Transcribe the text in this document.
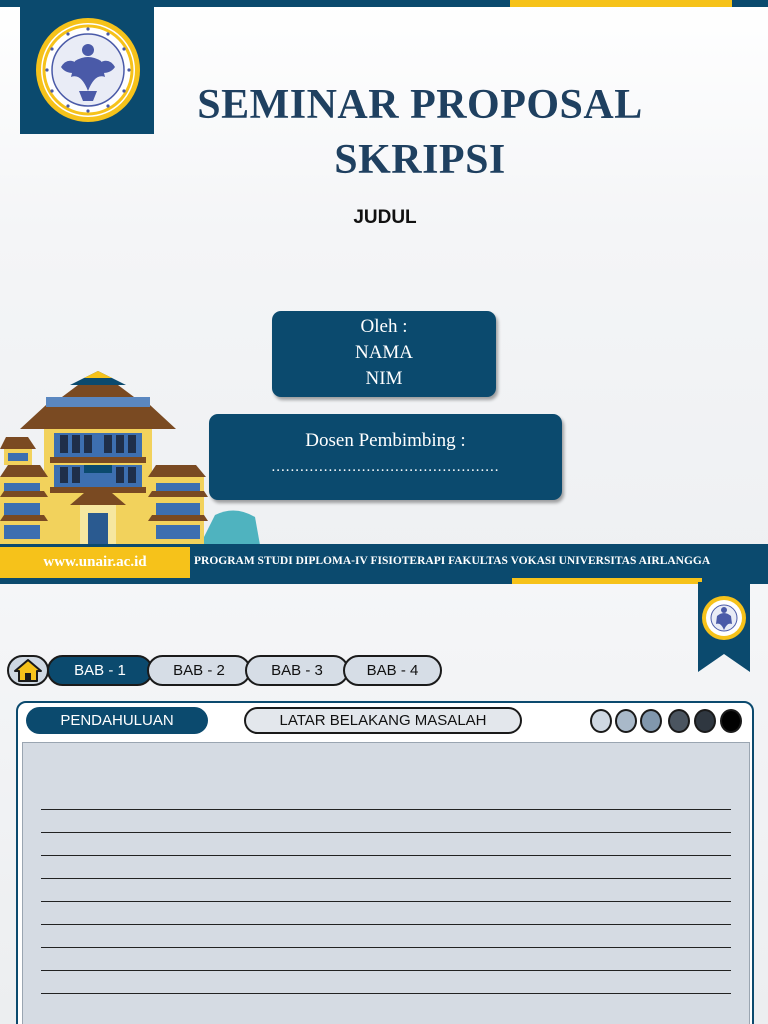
SEMINAR PROPOSAL
SKRIPSI
JUDUL
Oleh :
NAMA
NIM
Dosen Pembimbing :
................................................
www.unair.ac.id	PROGRAM STUDI DIPLOMA-IV FISIOTERAPI FAKULTAS VOKASI UNIVERSITAS AIRLANGGA
BAB - 1	BAB - 2	BAB - 3	BAB - 4
PENDAHULUAN	LATAR BELAKANG MASALAH
